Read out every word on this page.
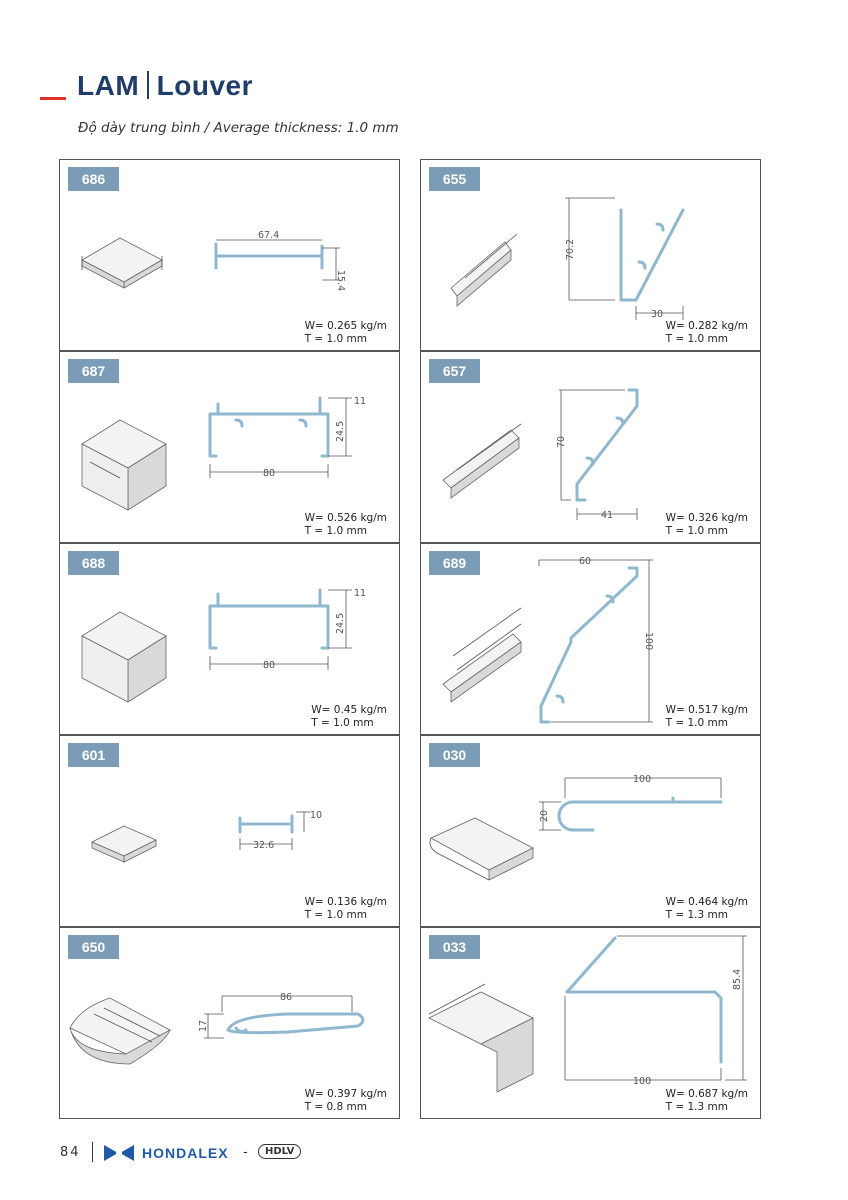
LAM Louver
Độ dày trung bình / Average thickness: 1.0 mm
686
67.4
15.4
W= 0.265 kg/m
T = 1.0 mm
655
70.2
30
W= 0.282 kg/m
T = 1.0 mm
687
11
24.5
80
W= 0.526 kg/m
T = 1.0 mm
657
70
41	W= 0.326 kg/m
T = 1.0 mm
688
11
24.5
80
W= 0.45 kg/m
T = 1.0 mm
689	60
100
W= 0.517 kg/m
T = 1.0 mm
601
10
32.6
W= 0.136 kg/m
T = 1.0 mm
030
100
20
W= 0.464 kg/m
T = 1.3 mm
650
86
17
W= 0.397 kg/m
T = 0.8 mm
033
85.4
100
W= 0.687 kg/m
T = 1.3 mm
84	HONDALEX -	HDLV
